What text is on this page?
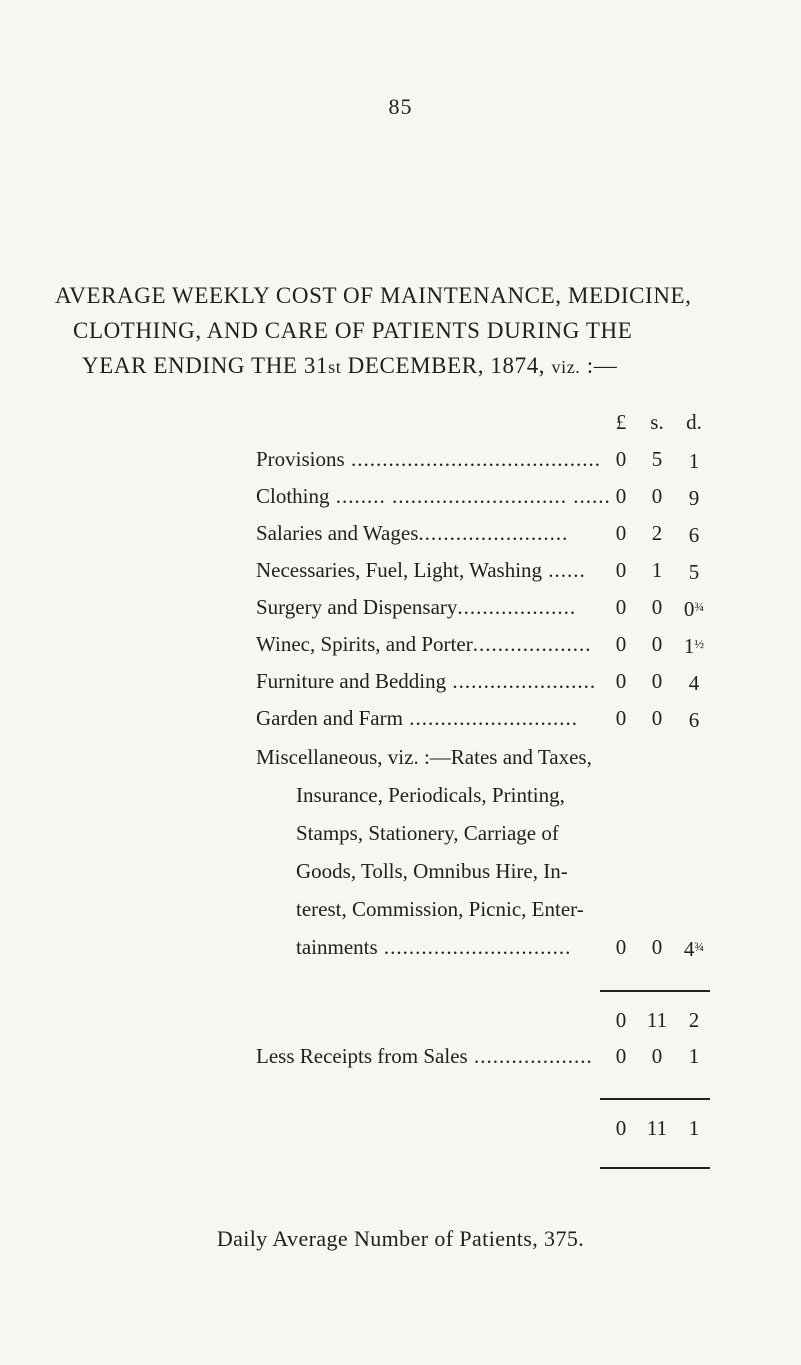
85
AVERAGE WEEKLY COST OF MAINTENANCE, MEDICINE,
CLOTHING, AND CARE OF PATIENTS DURING THE
YEAR ENDING THE 31st DECEMBER, 1874, viz. :—
£	s.	d.
Provisions ........................................ 0	5	1
Clothing ........ ............................ ...... 0	0	9
Salaries and Wages........................	0	2	6
Necessaries, Fuel, Light, Washing ......	0	1	5
Surgery and Dispensary...................	0	0	$0^{\frac{3}{4}}$
Winec, Spirits, and Porter...................	0	0	$1^{\frac{1}{2}}$
Furniture and Bedding ....................... 0	0	4
Garden and Farm ...........................	0	0	6
Miscellaneous, viz. :—Rates and Taxes,
Insurance, Periodicals, Printing,
Stamps, Stationery, Carriage of
Goods, Tolls, Omnibus Hire, In-
terest, Commission, Picnic, Enter-
tainments ..............................	0	0	$4^{\frac{3}{4}}$
0 11	2
Less Receipts from Sales ...................	0	0	1
0 11	1
Daily Average Number of Patients, 375.
